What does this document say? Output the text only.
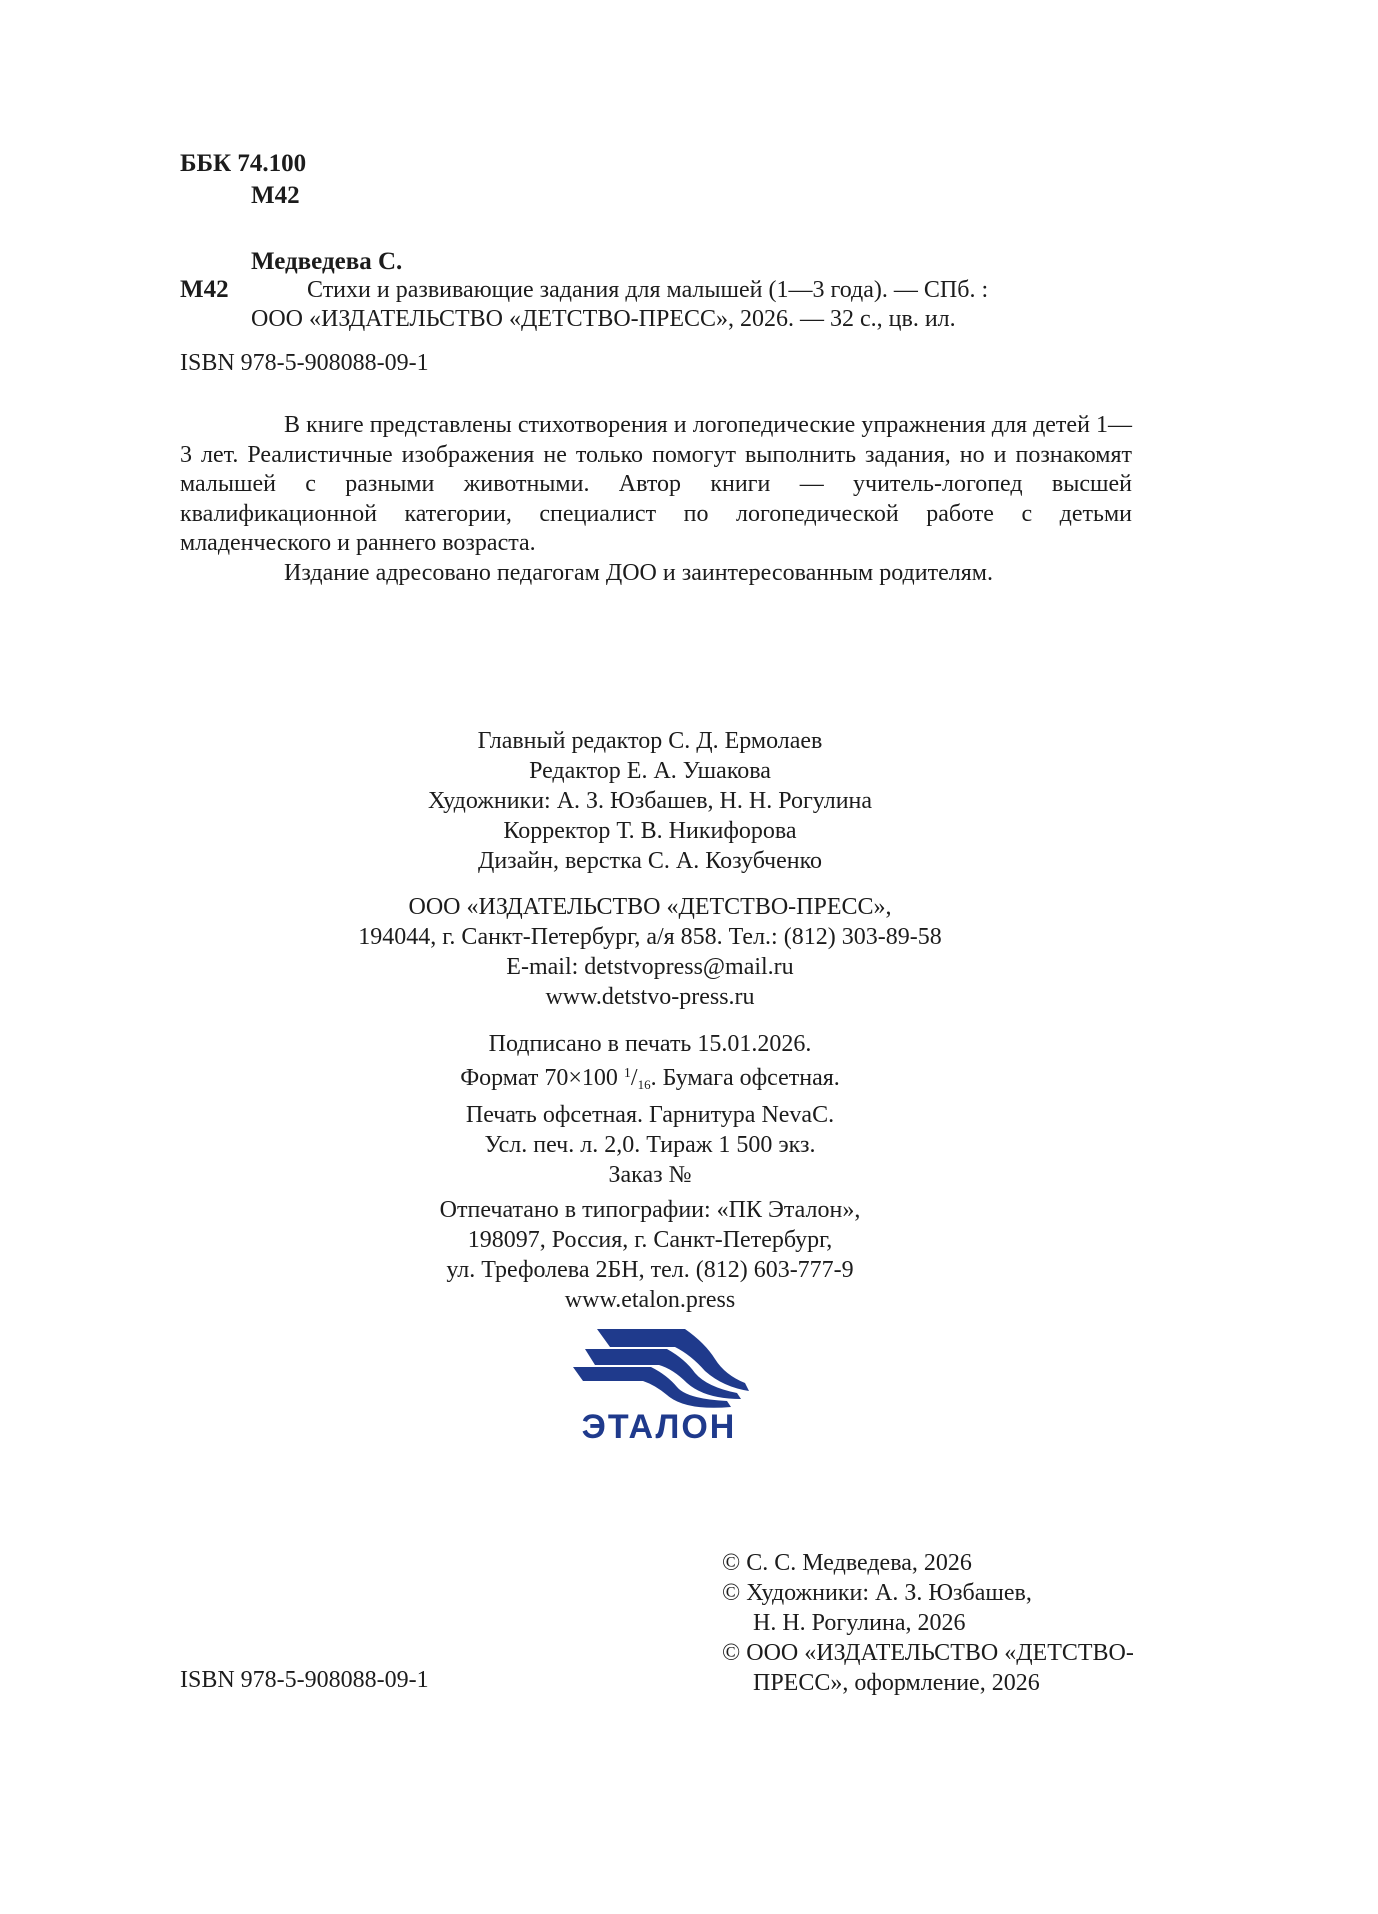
ББК 74.100
М42
Медведева С.
М42	Стихи и развивающие задания для малышей (1—3 года). — СПб. :
ООО «ИЗДАТЕЛЬСТВО «ДЕТСТВО-ПРЕСС», 2026. — 32 с., цв. ил.
ISBN 978-5-908088-09-1

В книге представлены стихотворения и логопедические упражнения для детей 1—3 лет. Реалистичные изображения не только помогут выполнить задания, но и познакомят малышей с разными животными. Автор книги — учитель-логопед высшей квалификационной категории, специалист по логопедической работе с детьми младенческого и раннего возраста.

Издание адресовано педагогам ДОО и заинтересованным родителям.

Главный редактор С. Д. Ермолаев
Редактор Е. А. Ушакова
Художники: А. З. Юзбашев, Н. Н. Рогулина
Корректор Т. В. Никифорова
Дизайн, верстка С. А. Козубченко
ООО «ИЗДАТЕЛЬСТВО «ДЕТСТВО-ПРЕСС»,
194044, г. Санкт-Петербург, а/я 858. Тел.: (812) 303-89-58
E-mail: detstvopress@mail.ru
www.detstvo-press.ru
Подписано в печать 15.01.2026.
Формат 70×100 $^1/_{16}$. Бумага офсетная.
Печать офсетная. Гарнитура NevaC.
Усл. печ. л. 2,0. Тираж 1 500 экз.
Заказ №
Отпечатано в типографии: «ПК Эталон»,
198097, Россия, г. Санкт-Петербург,
ул. Трефолева 2БН, тел. (812) 603-777-9
www.etalon.press
ЭТАЛОН
© С. С. Медведева, 2026
© Художники: А. З. Юзбашев,
Н. Н. Рогулина, 2026
© ООО «ИЗДАТЕЛЬСТВО «ДЕТСТВО-
ПРЕСС», оформление, 2026
ISBN 978-5-908088-09-1
